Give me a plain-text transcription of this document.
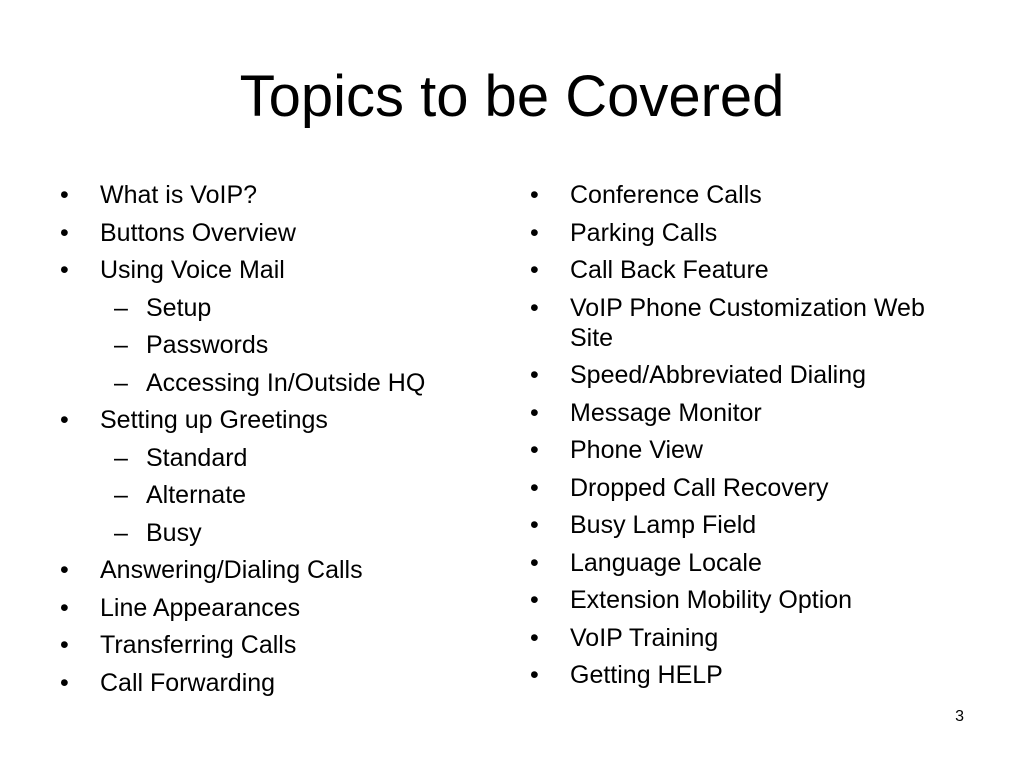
Topics to be Covered
• What is VoIP?
• Buttons Overview
• Using Voice Mail
– Setup
– Passwords
– Accessing In/Outside HQ
• Setting up Greetings
– Standard
– Alternate
– Busy
• Answering/Dialing Calls
• Line Appearances
• Transferring Calls
• Call Forwarding
• Conference Calls
• Parking Calls
• Call Back Feature
• VoIP Phone Customization Web Site
• Speed/Abbreviated Dialing
• Message Monitor
• Phone View
• Dropped Call Recovery
• Busy Lamp Field
• Language Locale
• Extension Mobility Option
• VoIP Training
• Getting HELP
3
